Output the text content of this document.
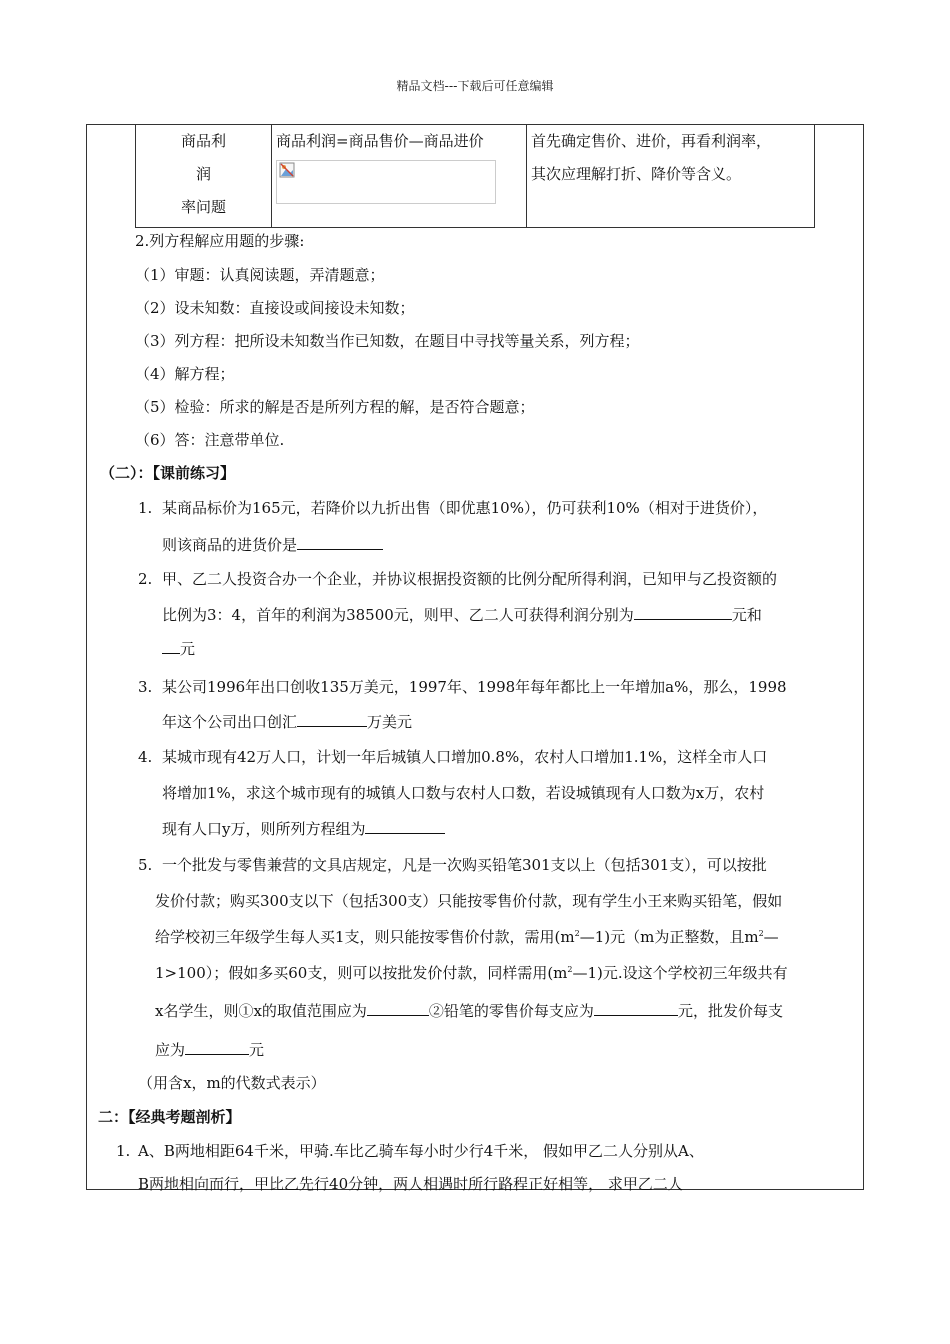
精品文档---下载后可任意编辑
商品利
润
率问题

商品利润=商品售价—商品进价	首先确定售价、进价，再看利润率，
其次应理解打折、降价等含义。
2.列方程解应用题的步骤:
（1）审题：认真阅读题，弄清题意；
（2）设未知数：直接设或间接设未知数；
（3）列方程：把所设未知数当作已知数，在题目中寻找等量关系，列方程；
（4）解方程；
（5）检验：所求的解是否是所列方程的解，是否符合题意；
（6）答：注意带单位.
（二）：【课前练习】
1. 某商品标价为165元，若降价以九折出售（即优惠10%），仍可获利10%（相对于进货价），
则该商品的进货价是
2. 甲、乙二人投资合办一个企业，并协议根据投资额的比例分配所得利润，已知甲与乙投资额的
比例为3：4，首年的利润为38500元，则甲、乙二人可获得利润分别为	元和
元
3. 某公司1996年出口创收135万美元，1997年、1998年每年都比上一年增加a%，那么，1998
年这个公司出口创汇	万美元
4. 某城市现有42万人口，计划一年后城镇人口增加0.8%，农村人口增加1.1%，这样全市人口
将增加1%，求这个城市现有的城镇人口数与农村人口数，若设城镇现有人口数为x万，农村
现有人口y万，则所列方程组为
5. 一个批发与零售兼营的文具店规定，凡是一次购买铅笔301支以上（包括301支），可以按批
发价付款；购买300支以下（包括300支）只能按零售价付款，现有学生小王来购买铅笔，假如
给学校初三年级学生每人买1支，则只能按零售价付款，需用$(m^2—1)$元（m为正整数，且$m^2—$
1>100）；假如多买60支，则可以按批发价付款，同样需用$(m^2—1)$元.设这个学校初三年级共有
x名学生，则①x的取值范围应为	②铅笔的零售价每支应为	元，批发价每支
应为	元
（用含x，m的代数式表示）
二：【经典考题剖析】
1. A、B两地相距64千米，甲骑.车比乙骑车每小时少行4千米， 假如甲乙二人分别从A、
B两地相向而行，甲比乙先行40分钟，两人相遇时所行路程正好相等， 求甲乙二人
